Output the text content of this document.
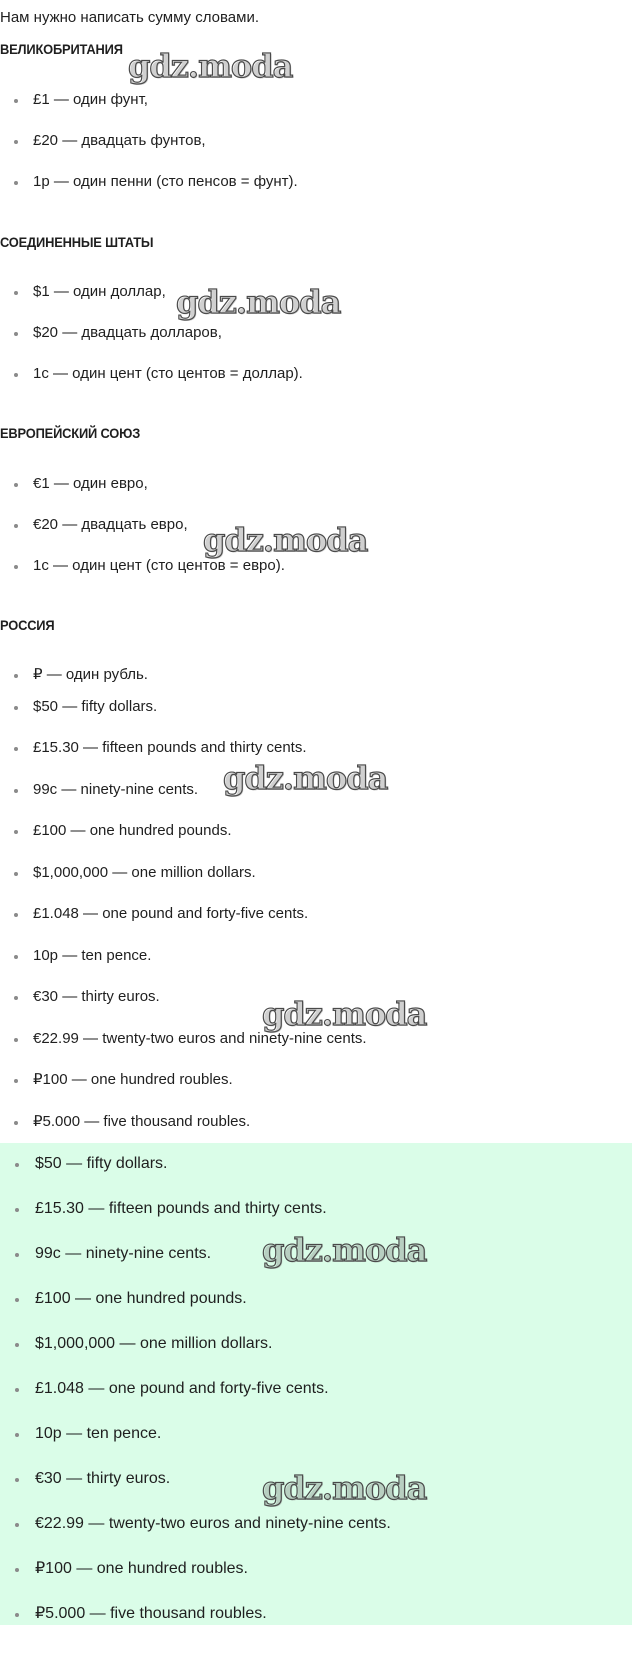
Нам нужно написать сумму словами.
ВЕЛИКОБРИТАНИЯ
£1 — один фунт,
£20 — двадцать фунтов,
1p — один пенни (сто пенсов = фунт).
СОЕДИНЕННЫЕ ШТАТЫ
$1 — один доллар,
$20 — двадцать долларов,
1c — один цент (сто центов = доллар).
ЕВРОПЕЙСКИЙ СОЮЗ
€1 — один евро,
€20 — двадцать евро,
1c — один цент (сто центов = евро).
РОССИЯ
₽ — один рубль.
$50 — fifty dollars.
£15.30 — fifteen pounds and thirty cents.
99c — ninety-nine cents.
£100 — one hundred pounds.
$1,000,000 — one million dollars.
£1.048 — one pound and forty-five cents.
10p — ten pence.
€30 — thirty euros.
€22.99 — twenty-two euros and ninety-nine cents.
₽100 — one hundred roubles.
₽5.000 — five thousand roubles.
$50 — fifty dollars.
£15.30 — fifteen pounds and thirty cents.
99c — ninety-nine cents.
£100 — one hundred pounds.
$1,000,000 — one million dollars.
£1.048 — one pound and forty-five cents.
10p — ten pence.
€30 — thirty euros.
€22.99 — twenty-two euros and ninety-nine cents.
₽100 — one hundred roubles.
₽5.000 — five thousand roubles.
gdz.moda
gdz.moda
gdz.moda
gdz.moda
gdz.moda
